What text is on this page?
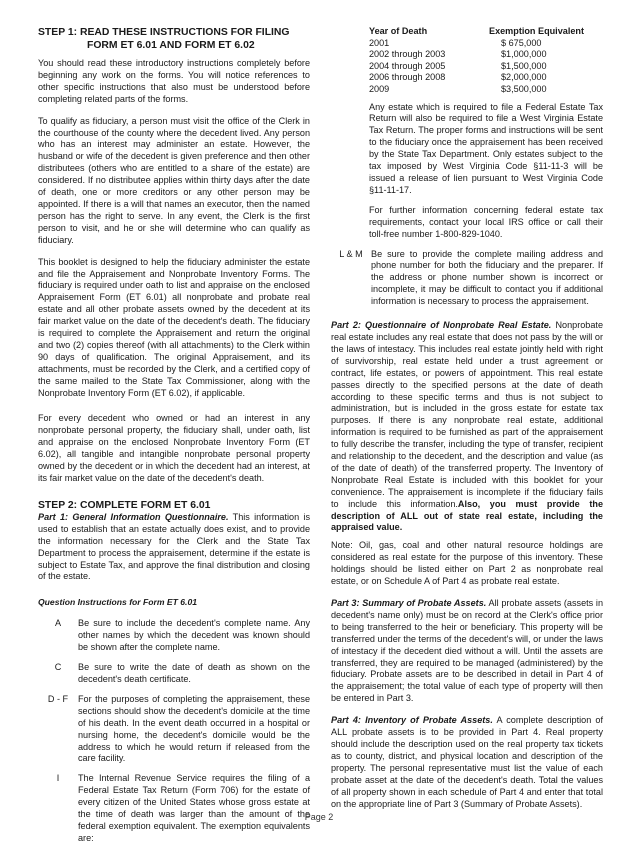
STEP 1: READ THESE INSTRUCTIONS FOR FILING
FORM ET 6.01 AND FORM ET 6.02

You should read these introductory instructions completely before beginning any work on the forms. You will notice references to other specific instructions that also must be understood before completing related parts of the forms.

To qualify as fiduciary, a person must visit the office of the Clerk in the courthouse of the county where the decedent lived. Any person who has an interest may administer an estate. However, the husband or wife of the decedent is given preference and then other distributees (others who are entitled to a share of the estate) are considered. If no distributee applies within thirty days after the date of death, one or more creditors or any other person may be appointed. If there is a will that names an executor, then the named person has the right to serve. In any event, the Clerk is the first person to visit, and he or she will determine who can qualify as fiduciary.

This booklet is designed to help the fiduciary administer the estate and file the Appraisement and Nonprobate Inventory Forms. The fiduciary is required under oath to list and appraise on the enclosed Appraisement Form (ET 6.01) all nonprobate and probate real estate and all other probate assets owned by the decedent at its fair market value on the date of the decedent's death. The fiduciary is required to complete the Appraisement and return the original and two (2) copies thereof (with all attachments) to the Clerk within 90 days of qualification. The original Appraisement, and its attachments, must be recorded by the Clerk, and a certified copy of the same mailed to the State Tax Commissioner, along with the Nonprobate Inventory Form (ET 6.02), if applicable.

For every decedent who owned or had an interest in any nonprobate personal property, the fiduciary shall, under oath, list and appraise on the enclosed Nonprobate Inventory Form (ET 6.02), all tangible and intangible nonprobate personal property owned by the decedent or in which the decedent had an interest, at its fair market value on the date of the decedent's death.

STEP 2: COMPLETE FORM ET 6.01

Part 1: General Information Questionnaire. This information is used to establish that an estate actually does exist, and to provide the information necessary for the Clerk and the State Tax Department to process the appraisement, determine if the estate is subject to Estate Tax, and approve the final distribution and closing of the estate.

Question Instructions for Form ET 6.01
A	Be sure to include the decedent's complete name. Any other names by which the decedent was known should be shown after the complete name.
C	Be sure to write the date of death as shown on the decedent's death certificate.
D - F	For the purposes of completing the appraisement, these sections should show the decedent's domicile at the time of his death. In the event death occurred in a hospital or nursing home, the decedent's domicile would be the address to which he would return if released from the care facility.
I	The Internal Revenue Service requires the filing of a Federal Estate Tax Return (Form 706) for the estate of every citizen of the United States whose gross estate at the time of death was larger than the amount of the federal exemption equivalent. The exemption equivalents are:
Year of Death	Exemption Equivalent
2001	$ 675,000
2002 through 2003	$1,000,000
2004 through 2005	$1,500,000
2006 through 2008	$2,000,000
2009	$3,500,000

Any estate which is required to file a Federal Estate Tax Return will also be required to file a West Virginia Estate Tax Return. The proper forms and instructions will be sent to the fiduciary once the appraisement has been received by the State Tax Department. Only estates subject to the tax imposed by West Virginia Code §11-11-3 will be issued a release of lien pursuant to West Virginia Code §11-11-17.

For further information concerning federal estate tax requirements, contact your local IRS office or call their toll-free number 1-800-829-1040.

L & M Be sure to provide the complete mailing address and phone number for both the fiduciary and the preparer. If the address or phone number shown is incorrect or incomplete, it may be difficult to contact you if additional information is necessary to process the appraisement.

Part 2: Questionnaire of Nonprobate Real Estate. Nonprobate real estate includes any real estate that does not pass by the will or the laws of intestacy. This includes real estate jointly held with right of survivorship, real estate held under a trust agreement or contract, life estates, or powers of appointment. This real estate passes directly to the specified persons at the date of death according to these specific terms and thus is not subject to administration, but is included in the gross estate for estate tax purposes. If there is any nonprobate real estate, additional information is required to be furnished as part of the appraisement to fully describe the transfer, including the type of transfer, recipient and relationship to the decedent, and the description and value (as of the date of death) of the transferred property. The Inventory of Nonprobate Real Estate is included with this booklet for your convenience. The appraisement is incomplete if the fiduciary fails to include this information.Also, you must provide the description of ALL out of state real estate, including the appraised value.

Note: Oil, gas, coal and other natural resource holdings are considered as real estate for the purpose of this inventory. These holdings should be listed either on Part 2 as nonprobate real estate, or on Schedule A of Part 4 as probate real estate.

Part 3: Summary of Probate Assets. All probate assets (assets in decedent's name only) must be on record at the Clerk's office prior to being transferred to the heir or beneficiary. This property will be transferred under the terms of the decedent's will, or under the laws of intestacy if the decedent died without a will. Until the assets are transferred, they are required to be managed (administered) by the fiduciary. Probate assets are to be described in detail in Part 4 of the appraisement; the total value of each type of property will then be entered in Part 3.

Part 4: Inventory of Probate Assets. A complete description of ALL probate assets is to be provided in Part 4. Real property should include the description used on the real property tax tickets as to county, district, and physical location and description of the property. The personal representative must list the value of each probate asset at the date of the decedent's death. Total the values of all property shown in each schedule of Part 4 and enter that total on the appropriate line of Part 3 (Summary of Probate Assets).

Page 2
